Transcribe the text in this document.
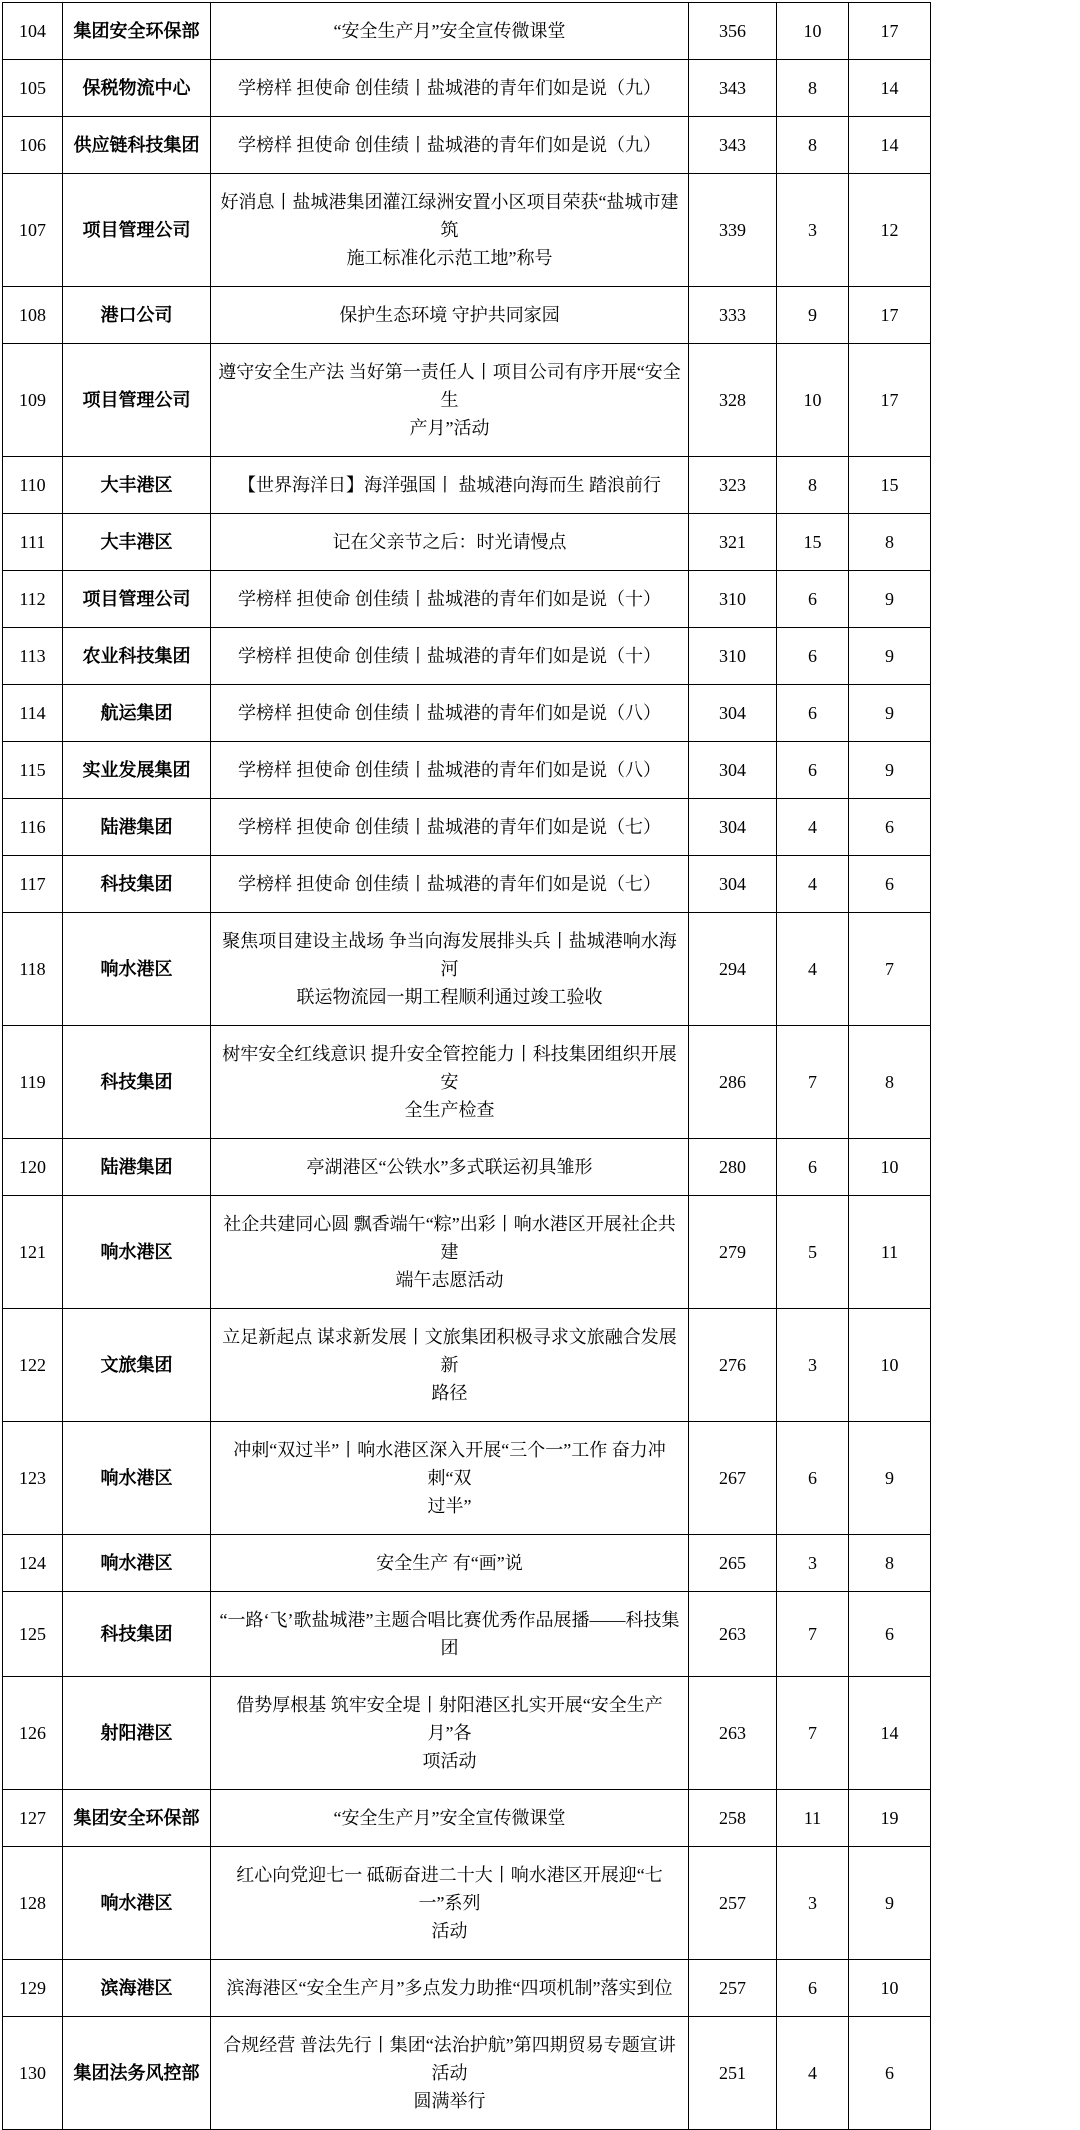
104	集团安全环保部	“安全生产月”安全宣传微课堂	356	10	17
105	保税物流中心	学榜样 担使命 创佳绩丨盐城港的青年们如是说（九）	343	8	14
106	供应链科技集团	学榜样 担使命 创佳绩丨盐城港的青年们如是说（九）	343	8	14
107	项目管理公司	好消息丨盐城港集团灌江绿洲安置小区项目荣获“盐城市建筑
施工标准化示范工地”称号	339	3	12
108	港口公司	保护生态环境 守护共同家园	333	9	17
109	项目管理公司	遵守安全生产法 当好第一责任人丨项目公司有序开展“安全生
产月”活动	328	10	17
110	大丰港区	【世界海洋日】海洋强国丨 盐城港向海而生 踏浪前行	323	8	15
111	大丰港区	记在父亲节之后：时光请慢点	321	15	8
112	项目管理公司	学榜样 担使命 创佳绩丨盐城港的青年们如是说（十）	310	6	9
113	农业科技集团	学榜样 担使命 创佳绩丨盐城港的青年们如是说（十）	310	6	9
114	航运集团	学榜样 担使命 创佳绩丨盐城港的青年们如是说（八）	304	6	9
115	实业发展集团	学榜样 担使命 创佳绩丨盐城港的青年们如是说（八）	304	6	9
116	陆港集团	学榜样 担使命 创佳绩丨盐城港的青年们如是说（七）	304	4	6
117	科技集团	学榜样 担使命 创佳绩丨盐城港的青年们如是说（七）	304	4	6
118	响水港区	聚焦项目建设主战场 争当向海发展排头兵丨盐城港响水海河
联运物流园一期工程顺利通过竣工验收	294	4	7
119	科技集团	树牢安全红线意识 提升安全管控能力丨科技集团组织开展安
全生产检查	286	7	8
120	陆港集团	亭湖港区“公铁水”多式联运初具雏形	280	6	10
121	响水港区	社企共建同心圆 飘香端午“粽”出彩丨响水港区开展社企共建
端午志愿活动	279	5	11
122	文旅集团	立足新起点 谋求新发展丨文旅集团积极寻求文旅融合发展新
路径	276	3	10
123	响水港区	冲刺“双过半”丨响水港区深入开展“三个一”工作 奋力冲刺“双
过半”	267	6	9
124	响水港区	安全生产 有“画”说	265	3	8
125	科技集团	“一路‘飞’歌盐城港”主题合唱比赛优秀作品展播——科技集团	263	7	6
126	射阳港区	借势厚根基 筑牢安全堤丨射阳港区扎实开展“安全生产月”各
项活动	263	7	14
127	集团安全环保部	“安全生产月”安全宣传微课堂	258	11	19
128	响水港区	红心向党迎七一 砥砺奋进二十大丨响水港区开展迎“七一”系列
活动	257	3	9
129	滨海港区	滨海港区“安全生产月”多点发力助推“四项机制”落实到位	257	6	10
130	集团法务风控部	合规经营 普法先行丨集团“法治护航”第四期贸易专题宣讲活动
圆满举行	251	4	6
